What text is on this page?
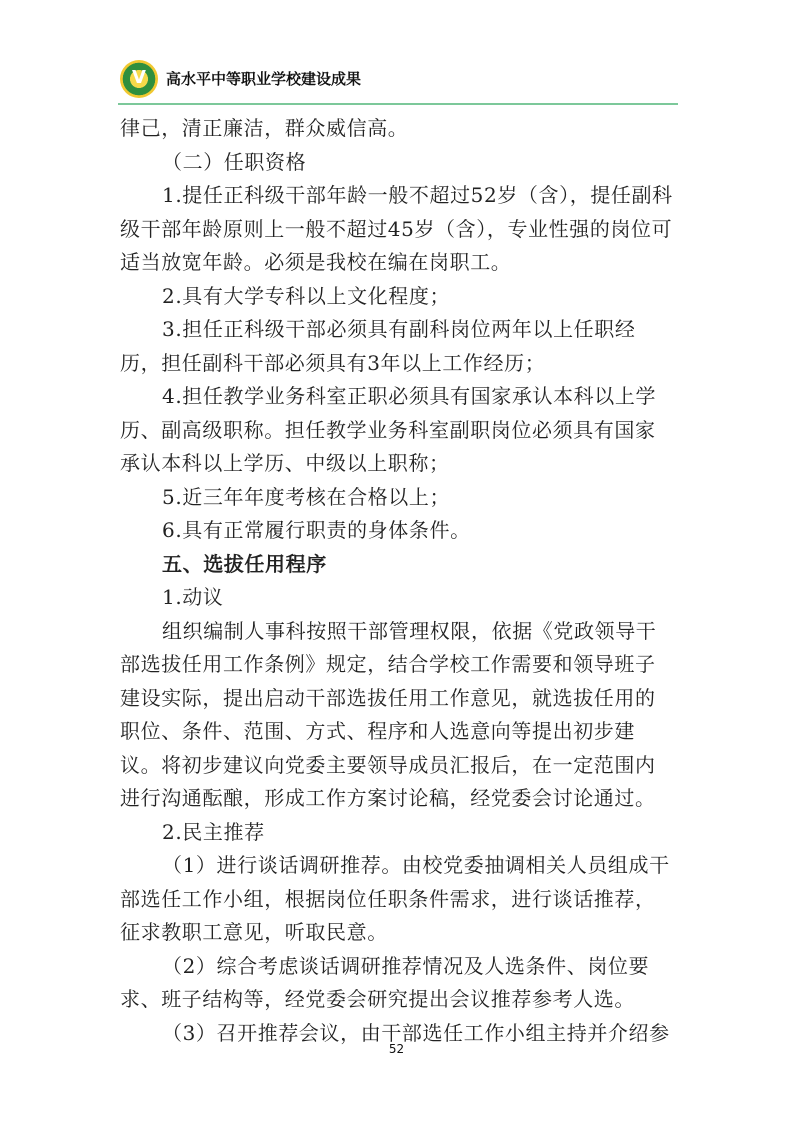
V 高水平中等职业学校建设成果

律己，清正廉洁，群众威信高。

（二）任职资格

1.提任正科级干部年龄一般不超过52岁（含），提任副科级干部年龄原则上一般不超过45岁（含），专业性强的岗位可适当放宽年龄。必须是我校在编在岗职工。

2.具有大学专科以上文化程度；

3.担任正科级干部必须具有副科岗位两年以上任职经历，担任副科干部必须具有3年以上工作经历；

4.担任教学业务科室正职必须具有国家承认本科以上学历、副高级职称。担任教学业务科室副职岗位必须具有国家承认本科以上学历、中级以上职称；

5.近三年年度考核在合格以上；

6.具有正常履行职责的身体条件。

五、选拔任用程序

1.动议

组织编制人事科按照干部管理权限，依据《党政领导干部选拔任用工作条例》规定，结合学校工作需要和领导班子建设实际，提出启动干部选拔任用工作意见，就选拔任用的职位、条件、范围、方式、程序和人选意向等提出初步建议。将初步建议向党委主要领导成员汇报后，在一定范围内进行沟通酝酿，形成工作方案讨论稿，经党委会讨论通过。

2.民主推荐

（1）进行谈话调研推荐。由校党委抽调相关人员组成干部选任工作小组，根据岗位任职条件需求，进行谈话推荐，征求教职工意见，听取民意。

（2）综合考虑谈话调研推荐情况及人选条件、岗位要求、班子结构等，经党委会研究提出会议推荐参考人选。

（3）召开推荐会议，由干部选任工作小组主持并介绍参

52
